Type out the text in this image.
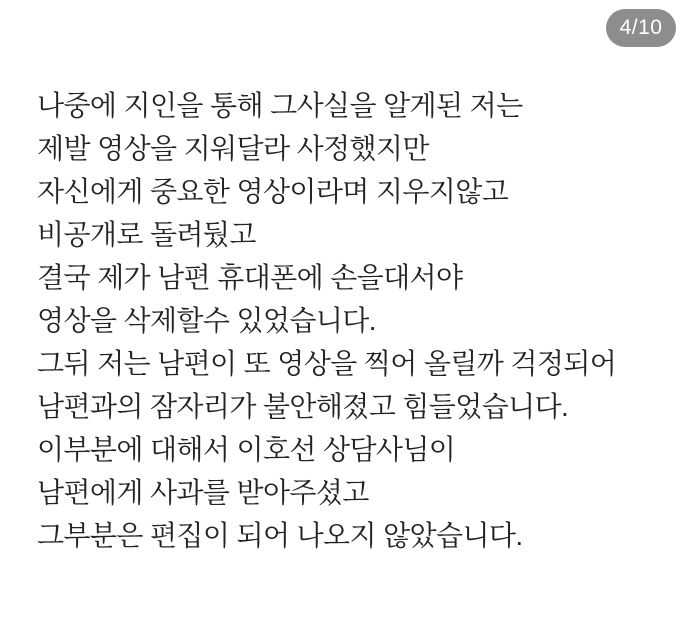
4/10

나중에 지인을 통해 그사실을 알게된 저는

제발 영상을 지워달라 사정했지만

자신에게 중요한 영상이라며 지우지않고

비공개로 돌려뒀고

결국 제가 남편 휴대폰에 손을대서야

영상을 삭제할수 있었습니다.

그뒤 저는 남편이 또 영상을 찍어 올릴까 걱정되어

남편과의 잠자리가 불안해졌고 힘들었습니다.

이부분에 대해서 이호선 상담사님이

남편에게 사과를 받아주셨고

그부분은 편집이 되어 나오지 않았습니다.
